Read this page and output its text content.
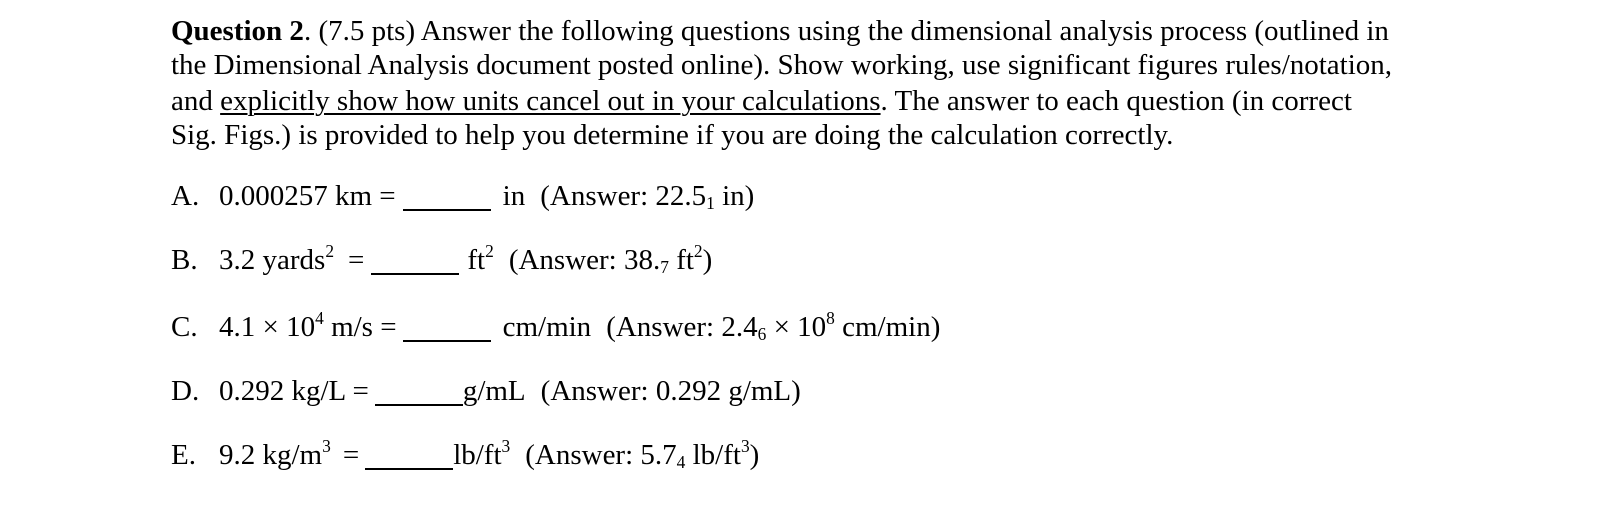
Question 2. (7.5 pts) Answer the following questions using the dimensional analysis process (outlined in
the Dimensional Analysis document posted online). Show working, use significant figures rules/notation,
and explicitly show how units cancel out in your calculations. The answer to each question (in correct
Sig. Figs.) is provided to help you determine if you are doing the calculation correctly.
A. 0.000257 km =	in (Answer: $22.5_1$ in)
B. 3.2 yards$^2$ =	$ft^2$ (Answer: $38._7$ $ft^2$)
C. $4.1 \times 10^4$ m/s =	cm/min (Answer: $2.4_6 \times 10^8$ cm/min)
D. 0.292 kg/L =	g/mL (Answer: 0.292 g/mL)
E. 9.2 $kg/m^3$ =	$lb/ft^3$ (Answer: $5.7_4$ $lb/ft^3$)
